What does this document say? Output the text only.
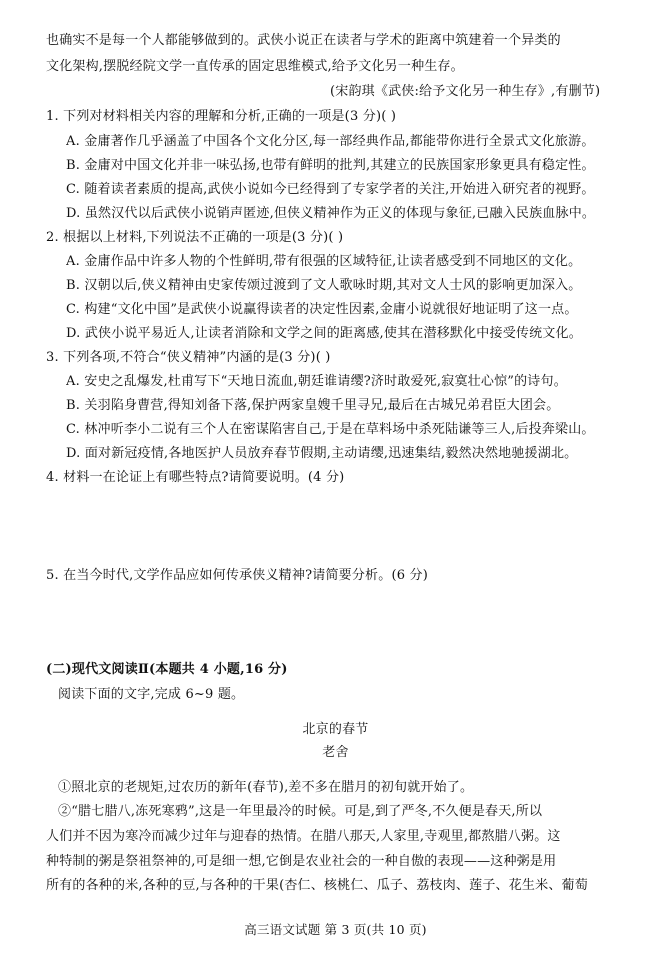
也确实不是每一个人都能够做到的。武侠小说正在读者与学术的距离中筑建着一个异类的
文化架构,摆脱经院文学一直传承的固定思维模式,给予文化另一种生存。
(宋韵琪《武侠:给予文化另一种生存》,有删节)
1. 下列对材料相关内容的理解和分析,正确的一项是(3 分)( )
A. 金庸著作几乎涵盖了中国各个文化分区,每一部经典作品,都能带你进行全景式文化旅游。
B. 金庸对中国文化并非一味弘扬,也带有鲜明的批判,其建立的民族国家形象更具有稳定性。
C. 随着读者素质的提高,武侠小说如今已经得到了专家学者的关注,开始进入研究者的视野。
D. 虽然汉代以后武侠小说销声匿迹,但侠义精神作为正义的体现与象征,已融入民族血脉中。
2. 根据以上材料,下列说法不正确的一项是(3 分)( )
A. 金庸作品中许多人物的个性鲜明,带有很强的区域特征,让读者感受到不同地区的文化。
B. 汉朝以后,侠义精神由史家传颂过渡到了文人歌咏时期,其对文人士风的影响更加深入。
C. 构建“文化中国”是武侠小说赢得读者的决定性因素,金庸小说就很好地证明了这一点。
D. 武侠小说平易近人,让读者消除和文学之间的距离感,使其在潜移默化中接受传统文化。
3. 下列各项,不符合“侠义精神”内涵的是(3 分)( )
A. 安史之乱爆发,杜甫写下“天地日流血,朝廷谁请缨?济时敢爱死,寂寞壮心惊”的诗句。
B. 关羽陷身曹营,得知刘备下落,保护两家皇嫂千里寻兄,最后在古城兄弟君臣大团会。
C. 林冲听李小二说有三个人在密谋陷害自己,于是在草料场中杀死陆谦等三人,后投奔梁山。
D. 面对新冠疫情,各地医护人员放弃春节假期,主动请缨,迅速集结,毅然决然地驰援湖北。
4. 材料一在论证上有哪些特点?请简要说明。(4 分)
5. 在当今时代,文学作品应如何传承侠义精神?请简要分析。(6 分)
(二)现代文阅读Ⅱ(本题共 4 小题,16 分)
阅读下面的文字,完成 6~9 题。
北京的春节
老舍
①照北京的老规矩,过农历的新年(春节),差不多在腊月的初旬就开始了。
②“腊七腊八,冻死寒鸦”,这是一年里最冷的时候。可是,到了严冬,不久便是春天,所以
人们并不因为寒冷而减少过年与迎春的热情。在腊八那天,人家里,寺观里,都熬腊八粥。这
种特制的粥是祭祖祭神的,可是细一想,它倒是农业社会的一种自傲的表现——这种粥是用
所有的各种的米,各种的豆,与各种的干果(杏仁、核桃仁、瓜子、荔枝肉、莲子、花生米、葡萄
高三语文试题 第 3 页(共 10 页)
